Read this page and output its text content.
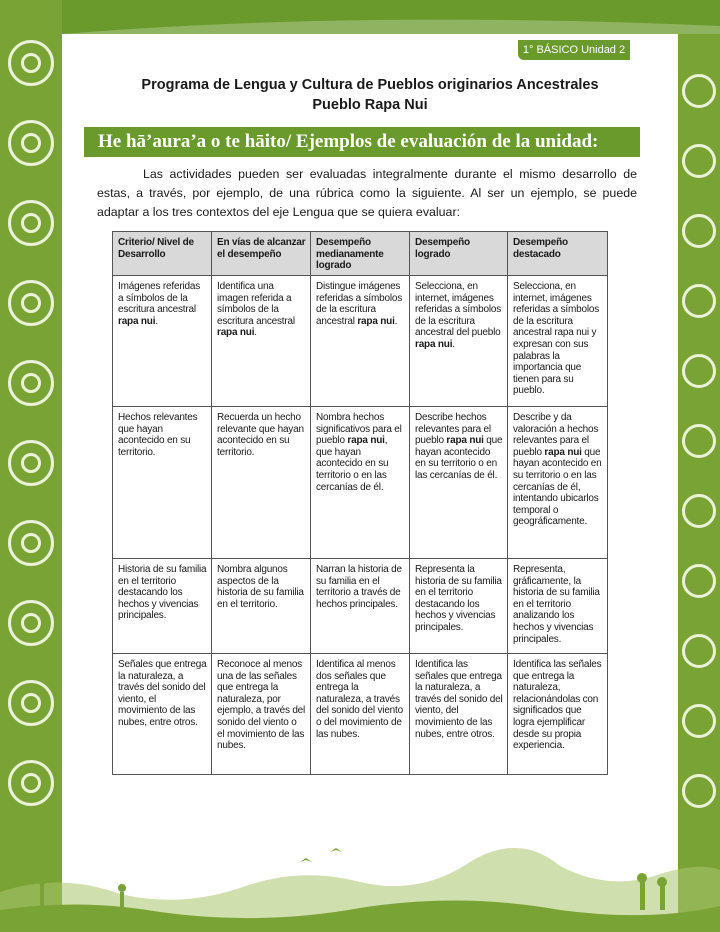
1° BÁSICO Unidad 2
Programa de Lengua y Cultura de Pueblos originarios Ancestrales
Pueblo Rapa Nui
He hā’aura’a o te hāito/ Ejemplos de evaluación de la unidad:
Las actividades pueden ser evaluadas integralmente durante el mismo desarrollo de estas, a través, por ejemplo, de una rúbrica como la siguiente. Al ser un ejemplo, se puede adaptar a los tres contextos del eje Lengua que se quiera evaluar:
Criterio/ Nivel de Desarrollo	En vías de alcanzar el desempeño	Desempeño medianamente logrado	Desempeño logrado	Desempeño destacado
Imágenes referidas a símbolos de la escritura ancestral rapa nui.	Identifica una imagen referida a símbolos de la escritura ancestral rapa nui.	Distingue imágenes referidas a símbolos de la escritura ancestral rapa nui.	Selecciona, en internet, imágenes referidas a símbolos de la escritura ancestral del pueblo rapa nui.	Selecciona, en internet, imágenes referidas a símbolos de la escritura ancestral rapa nui y expresan con sus palabras la importancia que tienen para su pueblo.
Hechos relevantes que hayan acontecido en su territorio.	Recuerda un hecho relevante que hayan acontecido en su territorio.	Nombra hechos significativos para el pueblo rapa nui, que hayan acontecido en su territorio o en las cercanías de él.	Describe hechos relevantes para el pueblo rapa nui que hayan acontecido en su territorio o en las cercanías de él.	Describe y da valoración a hechos relevantes para el pueblo rapa nui que hayan acontecido en su territorio o en las cercanías de él, intentando ubicarlos temporal o geográficamente.
Historia de su familia en el territorio destacando los hechos y vivencias principales.	Nombra algunos aspectos de la historia de su familia en el territorio.	Narran la historia de su familia en el territorio a través de hechos principales.	Representa la historia de su familia en el territorio destacando los hechos y vivencias principales.	Representa, gráficamente, la historia de su familia en el territorio analizando los hechos y vivencias principales.
Señales que entrega la naturaleza, a través del sonido del viento, el movimiento de las nubes, entre otros.	Reconoce al menos una de las señales que entrega la naturaleza, por ejemplo, a través del sonido del viento o el movimiento de las nubes.	Identifica al menos dos señales que entrega la naturaleza, a través del sonido del viento o del movimiento de las nubes.	Identifica las señales que entrega la naturaleza, a través del sonido del viento, del movimiento de las nubes, entre otros.	Identifica las señales que entrega la naturaleza, relacionándolas con significados que logra ejemplificar desde su propia experiencia.
